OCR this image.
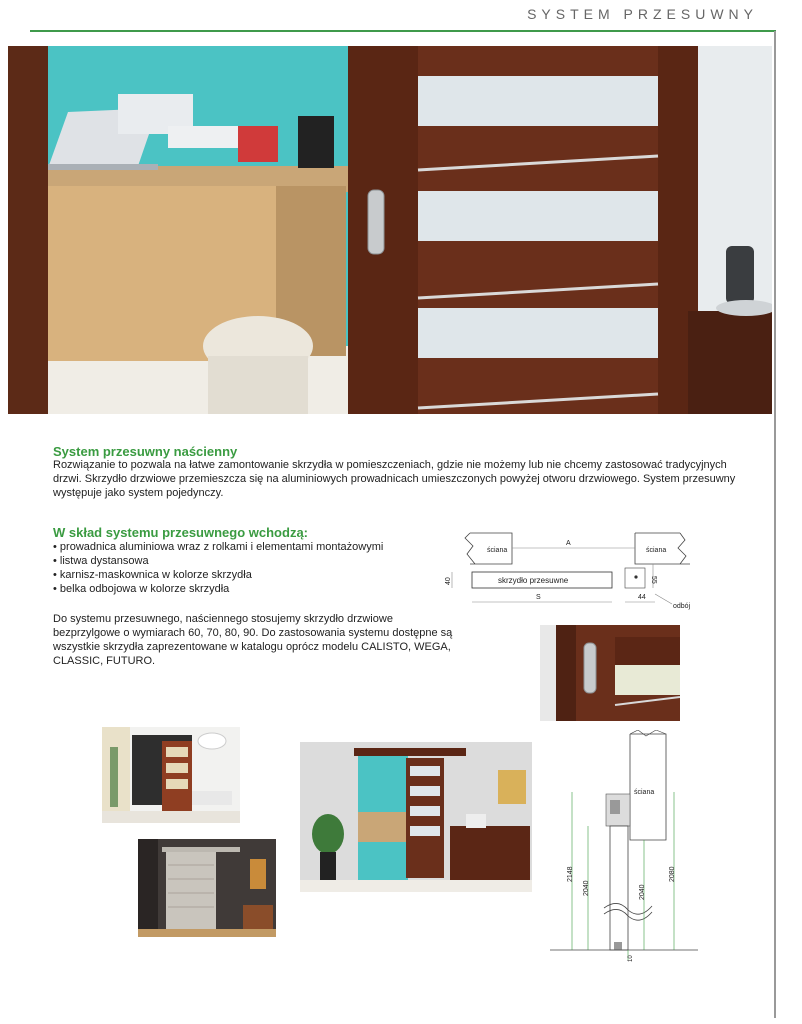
SYSTEM PRZESUWNY
System przesuwny naścienny
Rozwiązanie to pozwala na łatwe zamontowanie skrzydła w pomieszczeniach, gdzie nie możemy lub nie chcemy zastosować tradycyjnych drzwi. Skrzydło drzwiowe przemieszcza się na aluminiowych prowadnicach umieszczonych powyżej otworu drzwiowego. System przesuwny występuje jako system pojedynczy.
W skład systemu przesuwnego wchodzą:
• prowadnica aluminiowa wraz z rolkami i elementami montażowymi
• listwa dystansowa
• karnisz-maskownica w kolorze skrzydła
• belka odbojowa w kolorze skrzydła
Do systemu przesuwnego, naściennego stosujemy skrzydło drzwiowe bezprzylgowe o wymiarach 60, 70, 80, 90. Do zastosowania systemu dostępne są wszystkie skrzydła zaprezentowane w katalogu oprócz modelu CALISTO, WEGA, CLASSIC, FUTURO.
ściana	ściana
A
skrzydło przesuwne
40	55
S	44
odbój
ściana
2148
2040	2040
2080
10
